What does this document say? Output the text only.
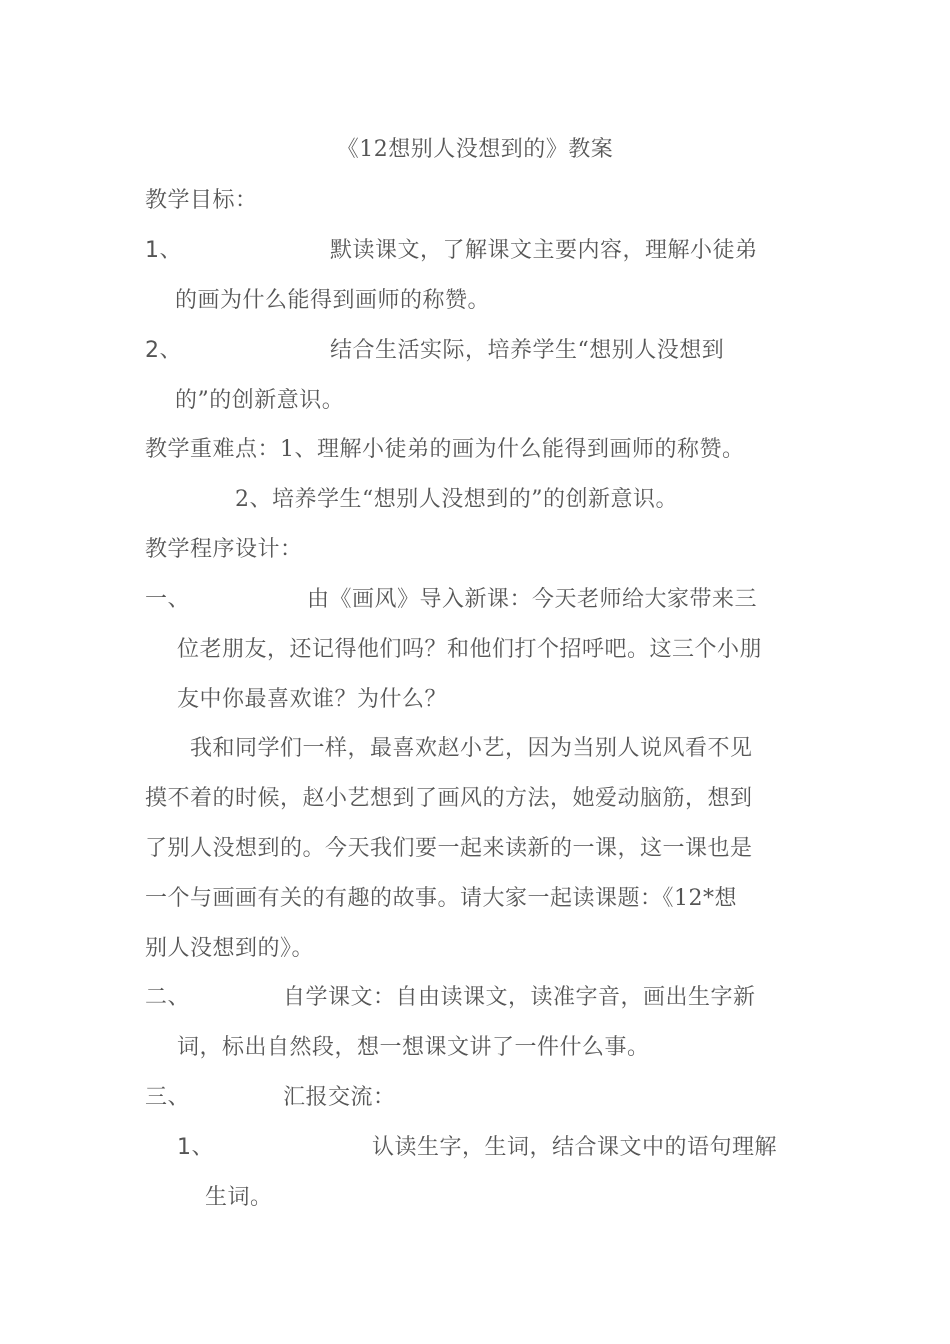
《12想别人没想到的》教案
教学目标：
1、	默读课文，了解课文主要内容，理解小徒弟
的画为什么能得到画师的称赞。
2、	结合生活实际，培养学生“想别人没想到
的”的创新意识。
教学重难点：1、理解小徒弟的画为什么能得到画师的称赞。
2、培养学生“想别人没想到的”的创新意识。
教学程序设计：
一、	由《画风》导入新课：今天老师给大家带来三
位老朋友，还记得他们吗？和他们打个招呼吧。这三个小朋
友中你最喜欢谁？为什么？
我和同学们一样，最喜欢赵小艺，因为当别人说风看不见
摸不着的时候，赵小艺想到了画风的方法，她爱动脑筋，想到
了别人没想到的。今天我们要一起来读新的一课，这一课也是
一个与画画有关的有趣的故事。请大家一起读课题：《12*想
别人没想到的》。
二、	自学课文：自由读课文，读准字音，画出生字新
词，标出自然段，想一想课文讲了一件什么事。
三、	汇报交流：
1、	认读生字，生词，结合课文中的语句理解
生词。
